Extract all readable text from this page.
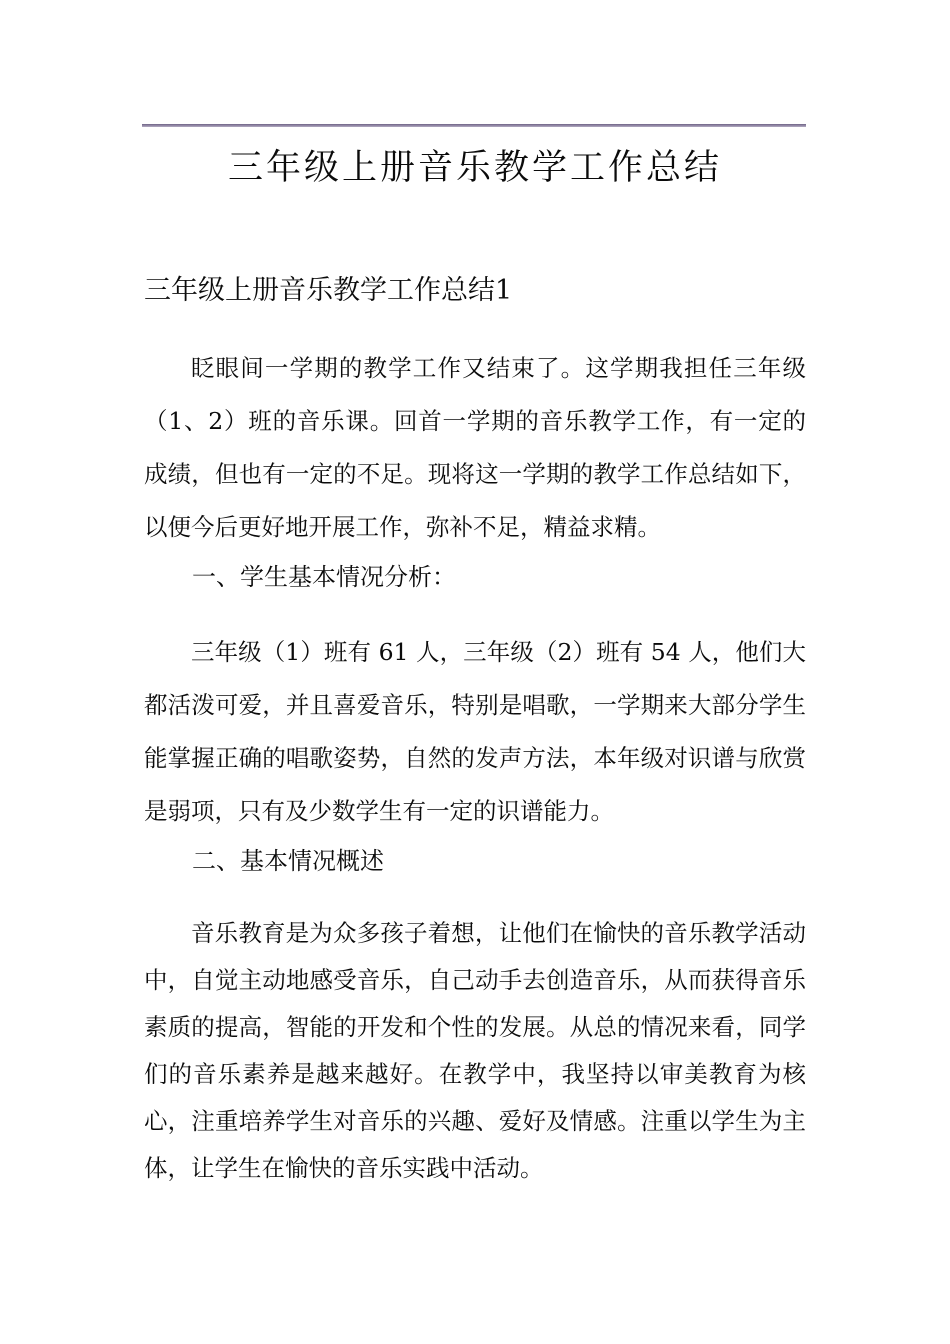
三年级上册音乐教学工作总结
三年级上册音乐教学工作总结1

眨眼间一学期的教学工作又结束了。这学期我担任三年级（1、2）班的音乐课。回首一学期的音乐教学工作，有一定的成绩，但也有一定的不足。现将这一学期的教学工作总结如下，以便今后更好地开展工作，弥补不足，精益求精。

一、学生基本情况分析：

三年级（1）班有 61 人，三年级（2）班有 54 人，他们大都活泼可爱，并且喜爱音乐，特别是唱歌，一学期来大部分学生能掌握正确的唱歌姿势，自然的发声方法，本年级对识谱与欣赏是弱项，只有及少数学生有一定的识谱能力。

二、基本情况概述

音乐教育是为众多孩子着想，让他们在愉快的音乐教学活动中，自觉主动地感受音乐，自己动手去创造音乐，从而获得音乐素质的提高，智能的开发和个性的发展。从总的情况来看，同学们的音乐素养是越来越好。在教学中，我坚持以审美教育为核心，注重培养学生对音乐的兴趣、爱好及情感。注重以学生为主体，让学生在愉快的音乐实践中活动。
